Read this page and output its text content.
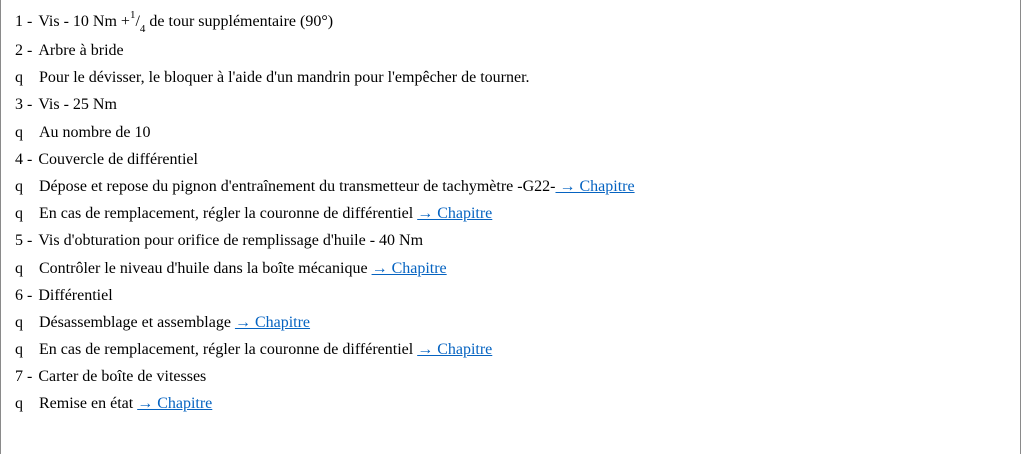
1 - Vis - 10 $Nm +^1/_4$ de tour supplémentaire (90°)
2 - Arbre à bride
q Pour le dévisser, le bloquer à l'aide d'un mandrin pour l'empêcher de tourner.
3 - Vis - 25 Nm
q Au nombre de 10
4 - Couvercle de différentiel
q Dépose et repose du pignon d'entraînement du transmetteur de tachymètre -G22- → Chapitre
q En cas de remplacement, régler la couronne de différentiel → Chapitre
5 - Vis d'obturation pour orifice de remplissage d'huile - 40 Nm
q Contrôler le niveau d'huile dans la boîte mécanique → Chapitre
6 - Différentiel
q Désassemblage et assemblage → Chapitre
q En cas de remplacement, régler la couronne de différentiel → Chapitre
7 - Carter de boîte de vitesses
q Remise en état → Chapitre
